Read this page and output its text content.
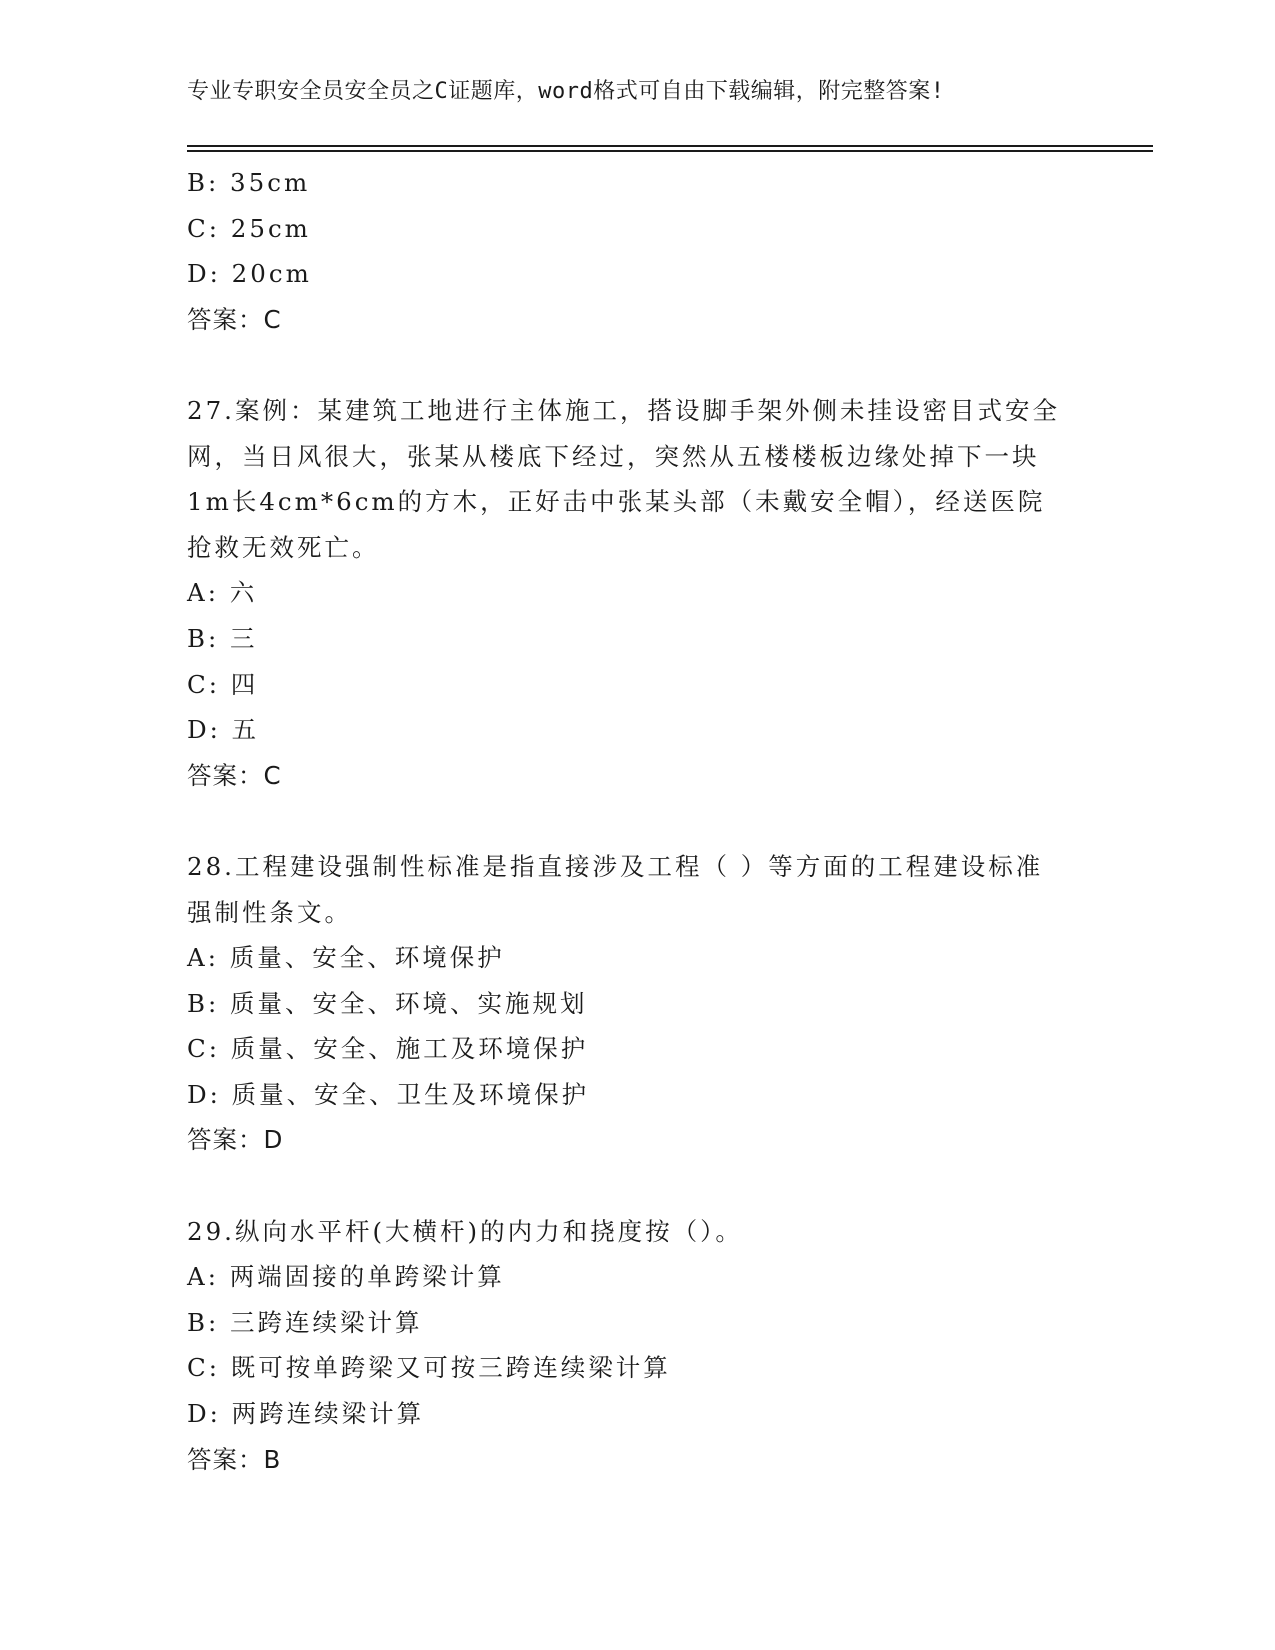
专业专职安全员安全员之C证题库，word格式可自由下载编辑，附完整答案!
B: 35cm
C: 25cm
D: 20cm
答案：C
27.案例：某建筑工地进行主体施工，搭设脚手架外侧未挂设密目式安全网，当日风很大，张某从楼底下经过，突然从五楼楼板边缘处掉下一块1m长4cm*6cm的方木，正好击中张某头部（未戴安全帽），经送医院抢救无效死亡。
A: 六
B: 三
C: 四
D: 五
答案：C
28.工程建设强制性标准是指直接涉及工程（ ）等方面的工程建设标准强制性条文。
A: 质量、安全、环境保护
B: 质量、安全、环境、实施规划
C: 质量、安全、施工及环境保护
D: 质量、安全、卫生及环境保护
答案：D
29.纵向水平杆(大横杆)的内力和挠度按（）。
A: 两端固接的单跨梁计算
B: 三跨连续梁计算
C: 既可按单跨梁又可按三跨连续梁计算
D: 两跨连续梁计算
答案：B
